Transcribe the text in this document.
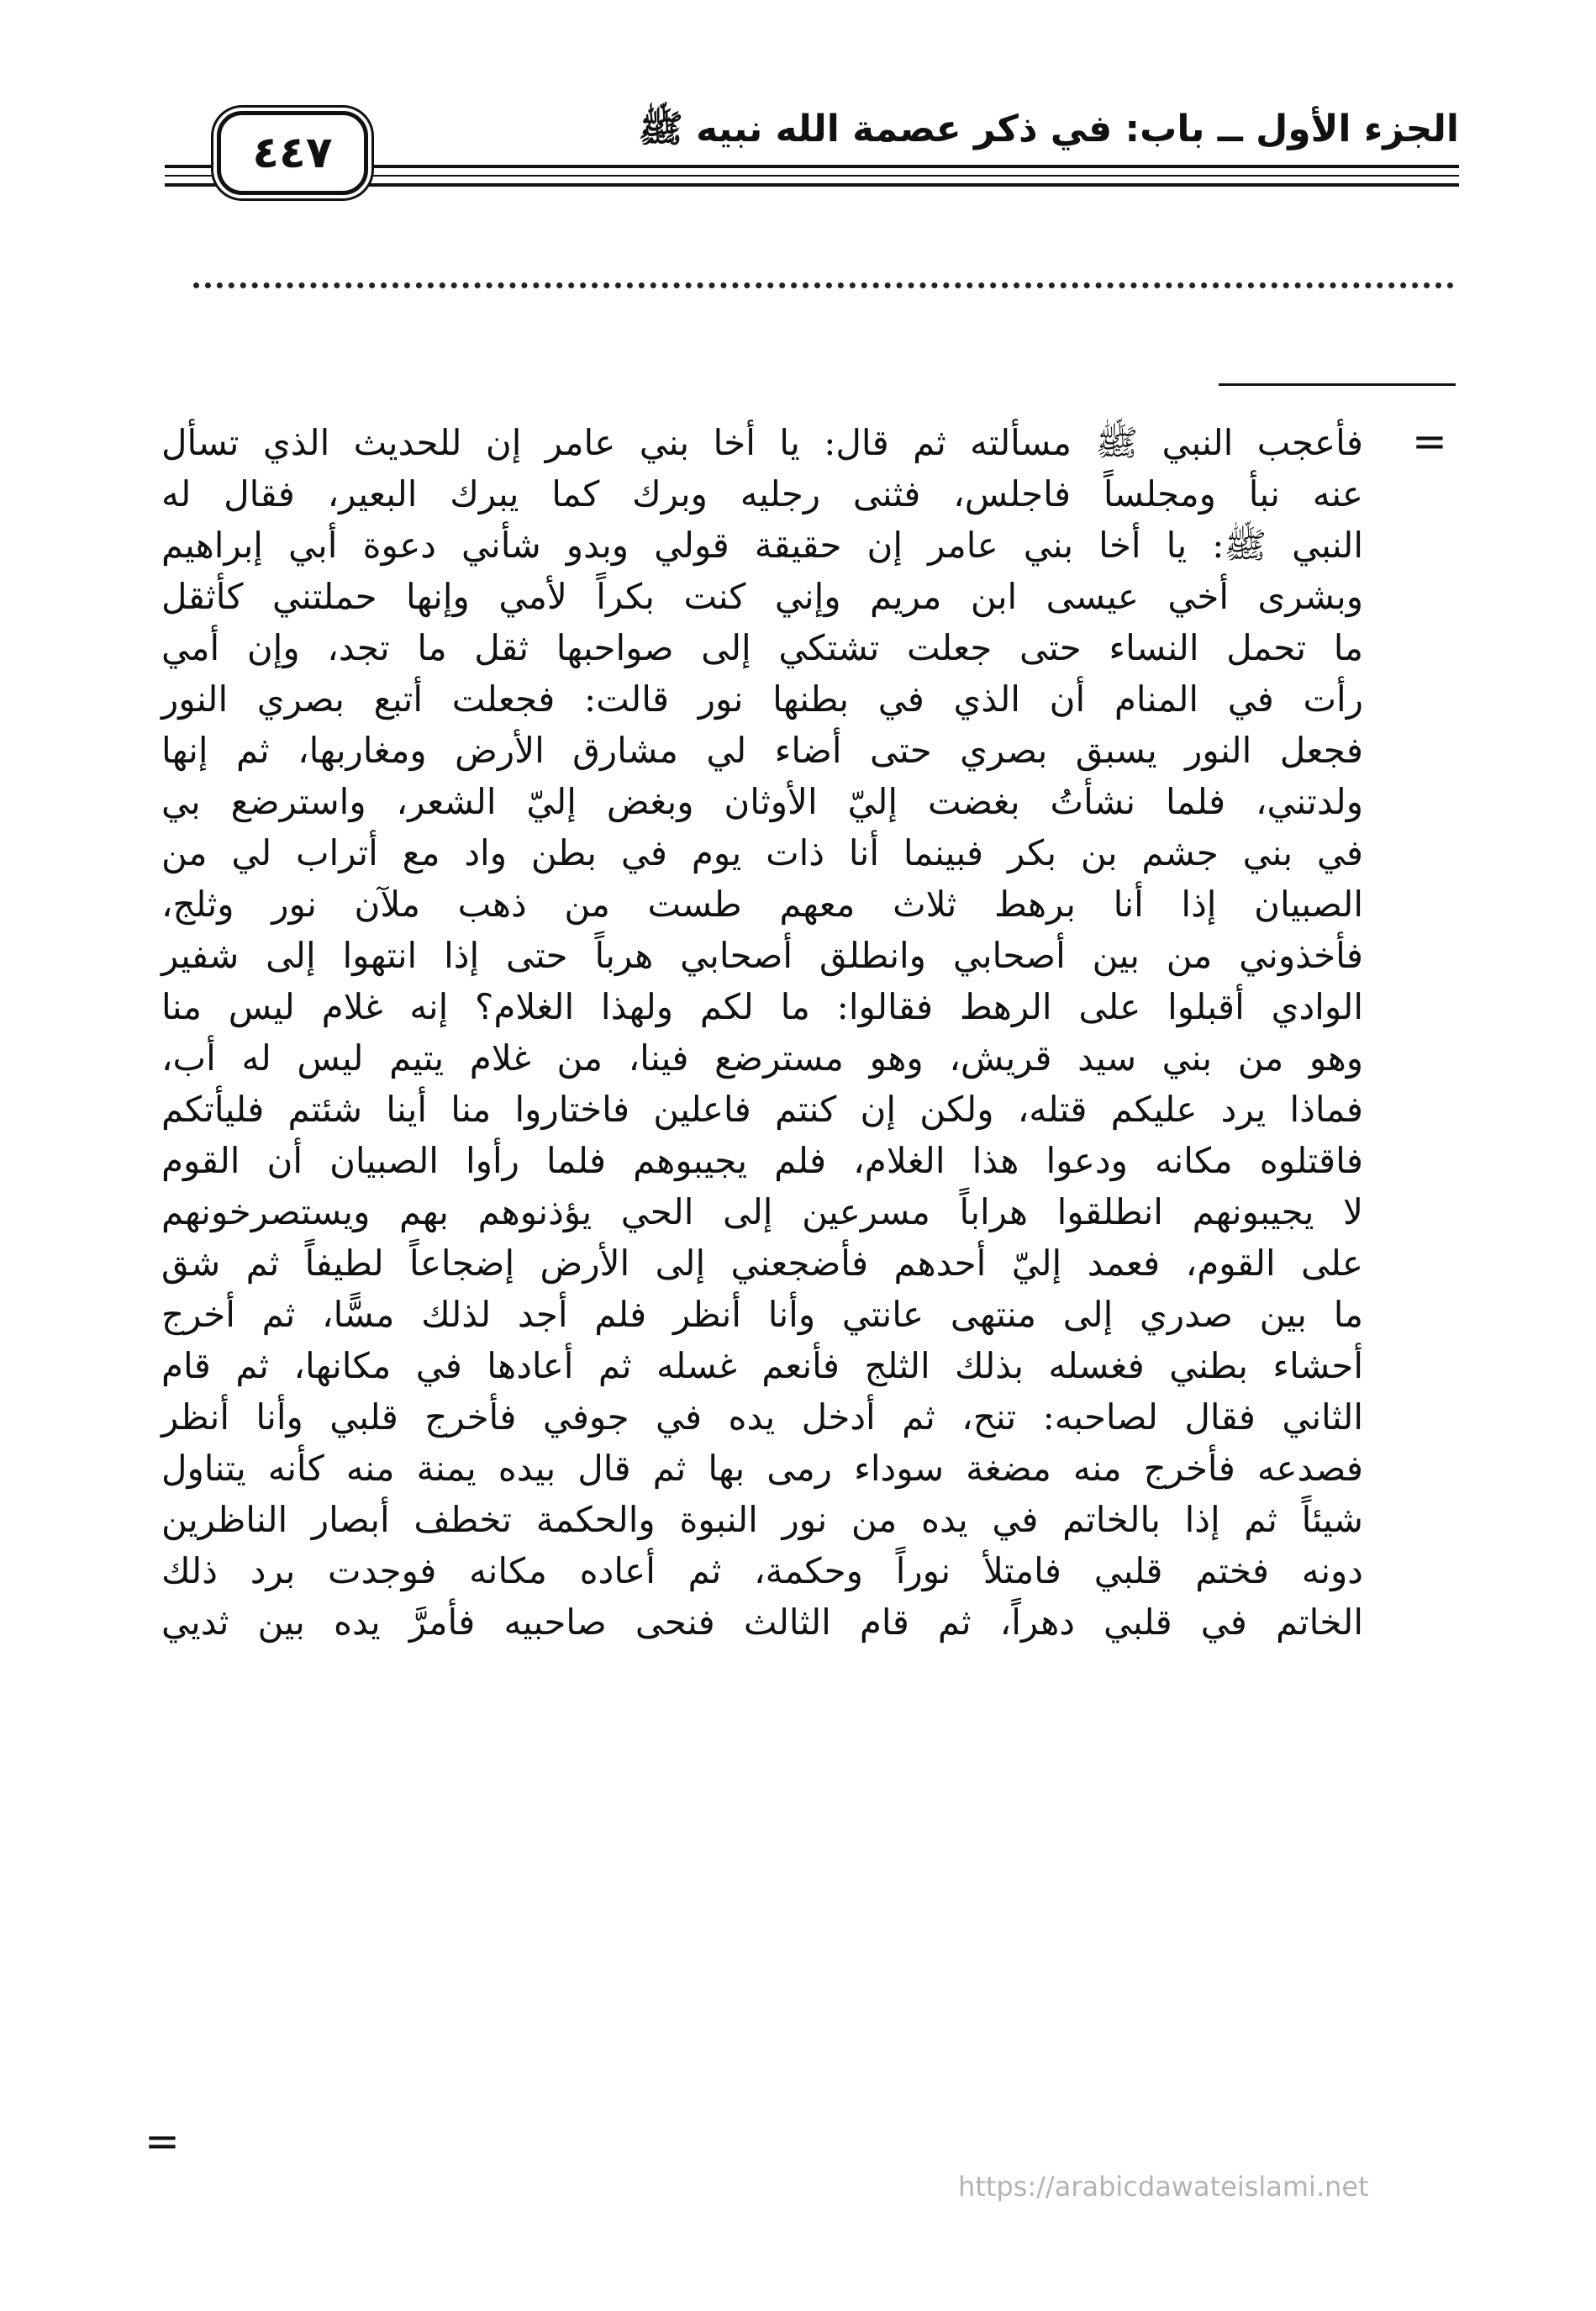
الجزء الأول ــ باب: في ذكر عصمة الله نبيه ﷺ
٤٤٧
=
=
فأعجب النبي ﷺ مسألته ثم قال: يا أخا بني عامر إن للحديث الذي تسأل
عنه نبأ ومجلساً فاجلس، فثنى رجليه وبرك كما يبرك البعير، فقال له
النبي ﷺ: يا أخا بني عامر إن حقيقة قولي وبدو شأني دعوة أبي إبراهيم
وبشرى أخي عيسى ابن مريم وإني كنت بكراً لأمي وإنها حملتني كأثقل
ما تحمل النساء حتى جعلت تشتكي إلى صواحبها ثقل ما تجد، وإن أمي
رأت في المنام أن الذي في بطنها نور قالت: فجعلت أتبع بصري النور
فجعل النور يسبق بصري حتى أضاء لي مشارق الأرض ومغاربها، ثم إنها
ولدتني، فلما نشأتُ بغضت إليّ الأوثان وبغض إليّ الشعر، واسترضع بي
في بني جشم بن بكر فبينما أنا ذات يوم في بطن واد مع أتراب لي من
الصبيان إذا أنا برهط ثلاث معهم طست من ذهب ملآن نور وثلج،
فأخذوني من بين أصحابي وانطلق أصحابي هرباً حتى إذا انتهوا إلى شفير
الوادي أقبلوا على الرهط فقالوا: ما لكم ولهذا الغلام؟ إنه غلام ليس منا
وهو من بني سيد قريش، وهو مسترضع فينا، من غلام يتيم ليس له أب،
فماذا يرد عليكم قتله، ولكن إن كنتم فاعلين فاختاروا منا أينا شئتم فليأتكم
فاقتلوه مكانه ودعوا هذا الغلام، فلم يجيبوهم فلما رأوا الصبيان أن القوم
لا يجيبونهم انطلقوا هراباً مسرعين إلى الحي يؤذنوهم بهم ويستصرخونهم
على القوم، فعمد إليّ أحدهم فأضجعني إلى الأرض إضجاعاً لطيفاً ثم شق
ما بين صدري إلى منتهى عانتي وأنا أنظر فلم أجد لذلك مسًّا، ثم أخرج
أحشاء بطني فغسله بذلك الثلج فأنعم غسله ثم أعادها في مكانها، ثم قام
الثاني فقال لصاحبه: تنح، ثم أدخل يده في جوفي فأخرج قلبي وأنا أنظر
فصدعه فأخرج منه مضغة سوداء رمى بها ثم قال بيده يمنة منه كأنه يتناول
شيئاً ثم إذا بالخاتم في يده من نور النبوة والحكمة تخطف أبصار الناظرين
دونه فختم قلبي فامتلأ نوراً وحكمة، ثم أعاده مكانه فوجدت برد ذلك
الخاتم في قلبي دهراً، ثم قام الثالث فنحى صاحبيه فأمرَّ يده بين ثديي
https://arabicdawateislami.net
